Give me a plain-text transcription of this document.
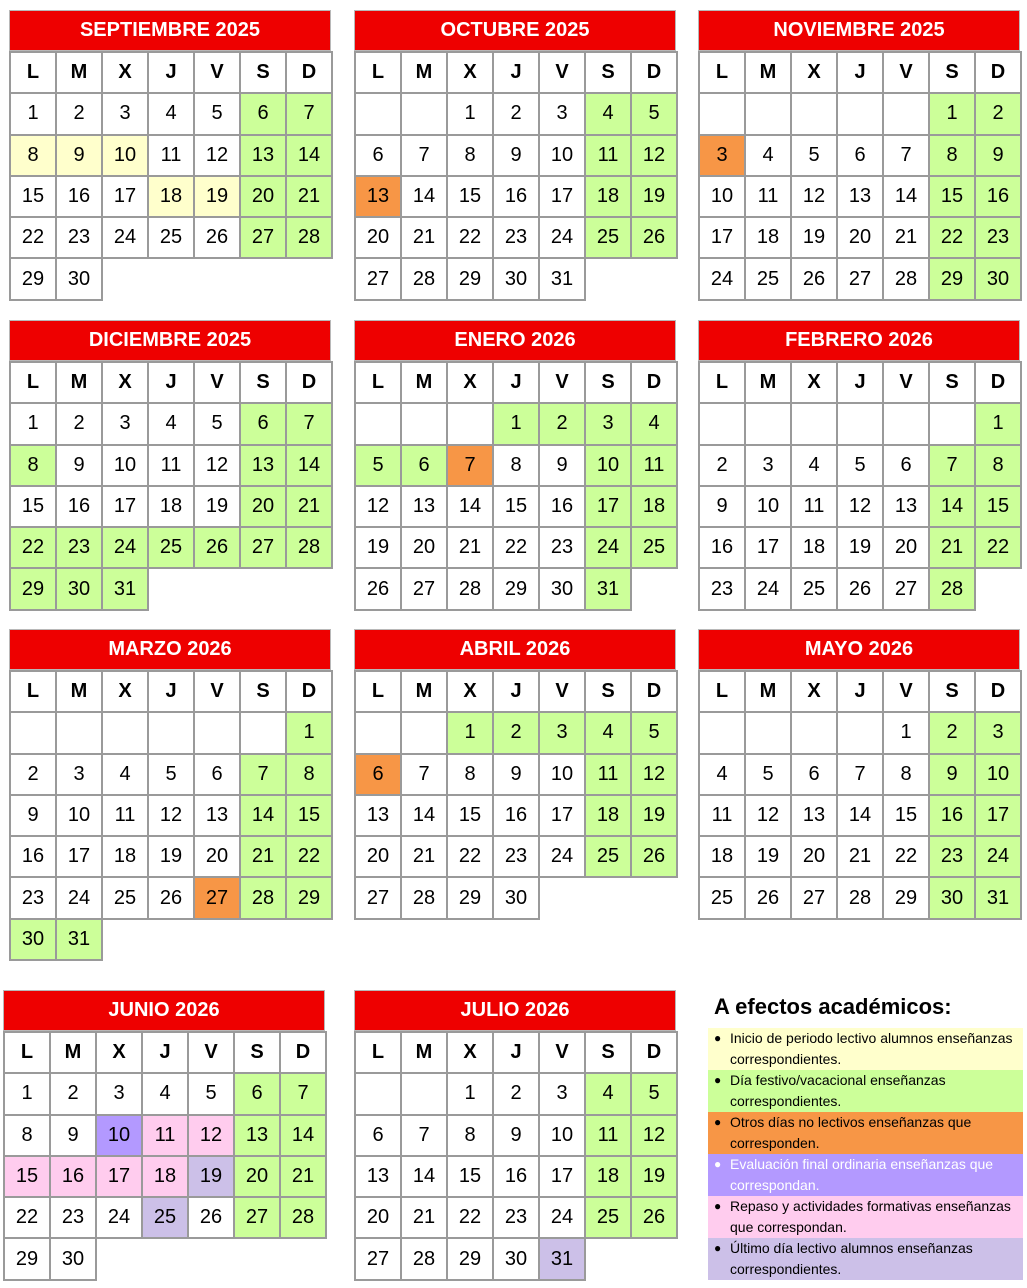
SEPTIEMBRE 2025
L	M	X	J	V	S	D
1	2	3	4	5	6	7
8	9	10	11	12	13	14
15	16	17	18	19	20	21
22	23	24	25	26	27	28
29	30					
OCTUBRE 2025
L	M	X	J	V	S	D
		1	2	3	4	5
6	7	8	9	10	11	12
13	14	15	16	17	18	19
20	21	22	23	24	25	26
27	28	29	30	31		
NOVIEMBRE 2025
L	M	X	J	V	S	D
					1	2
3	4	5	6	7	8	9
10	11	12	13	14	15	16
17	18	19	20	21	22	23
24	25	26	27	28	29	30
DICIEMBRE 2025
L	M	X	J	V	S	D
1	2	3	4	5	6	7
8	9	10	11	12	13	14
15	16	17	18	19	20	21
22	23	24	25	26	27	28
29	30	31				
ENERO 2026
L	M	X	J	V	S	D
			1	2	3	4
5	6	7	8	9	10	11
12	13	14	15	16	17	18
19	20	21	22	23	24	25
26	27	28	29	30	31	
FEBRERO 2026
L	M	X	J	V	S	D
						1
2	3	4	5	6	7	8
9	10	11	12	13	14	15
16	17	18	19	20	21	22
23	24	25	26	27	28	
MARZO 2026
L	M	X	J	V	S	D
						1
2	3	4	5	6	7	8
9	10	11	12	13	14	15
16	17	18	19	20	21	22
23	24	25	26	27	28	29
30	31					
ABRIL 2026
L	M	X	J	V	S	D
		1	2	3	4	5
6	7	8	9	10	11	12
13	14	15	16	17	18	19
20	21	22	23	24	25	26
27	28	29	30			
MAYO 2026
L	M	X	J	V	S	D
				1	2	3
4	5	6	7	8	9	10
11	12	13	14	15	16	17
18	19	20	21	22	23	24
25	26	27	28	29	30	31
JUNIO 2026
L	M	X	J	V	S	D
1	2	3	4	5	6	7
8	9	10	11	12	13	14
15	16	17	18	19	20	21
22	23	24	25	26	27	28
29	30					
JULIO 2026
L	M	X	J	V	S	D
		1	2	3	4	5
6	7	8	9	10	11	12
13	14	15	16	17	18	19
20	21	22	23	24	25	26
27	28	29	30	31		
A efectos académicos:
● Inicio de periodo lectivo alumnos enseñanzas correspondientes.
● Día festivo/vacacional enseñanzas correspondientes.
● Otros días no lectivos enseñanzas que corresponden.
● Evaluación final ordinaria enseñanzas que correspondan.
● Repaso y actividades formativas enseñanzas que correspondan.
● Último día lectivo alumnos enseñanzas correspondientes.
